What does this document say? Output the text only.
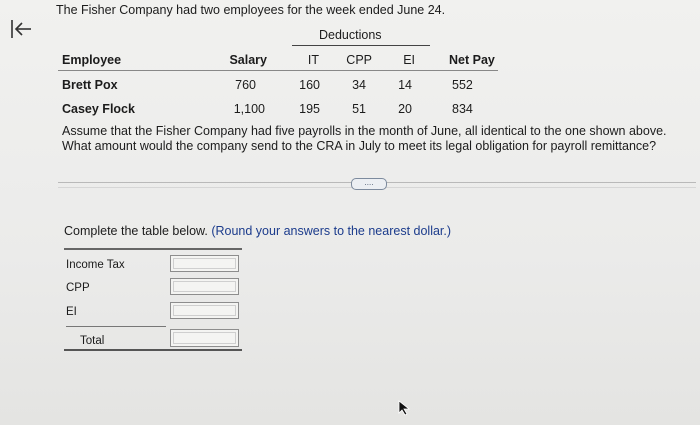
The Fisher Company had two employees for the week ended June 24.
Deductions
Employee	Salary	IT	CPP	EI	Net Pay
Brett Pox	760	160	34	14	552
Casey Flock	1,100	195	51	20	834
Assume that the Fisher Company had five payrolls in the month of June, all identical to the one shown above. What amount would the company send to the CRA in July to meet its legal obligation for payroll remittance?
....
Complete the table below. (Round your answers to the nearest dollar.)
Income Tax
CPP
EI
Total
